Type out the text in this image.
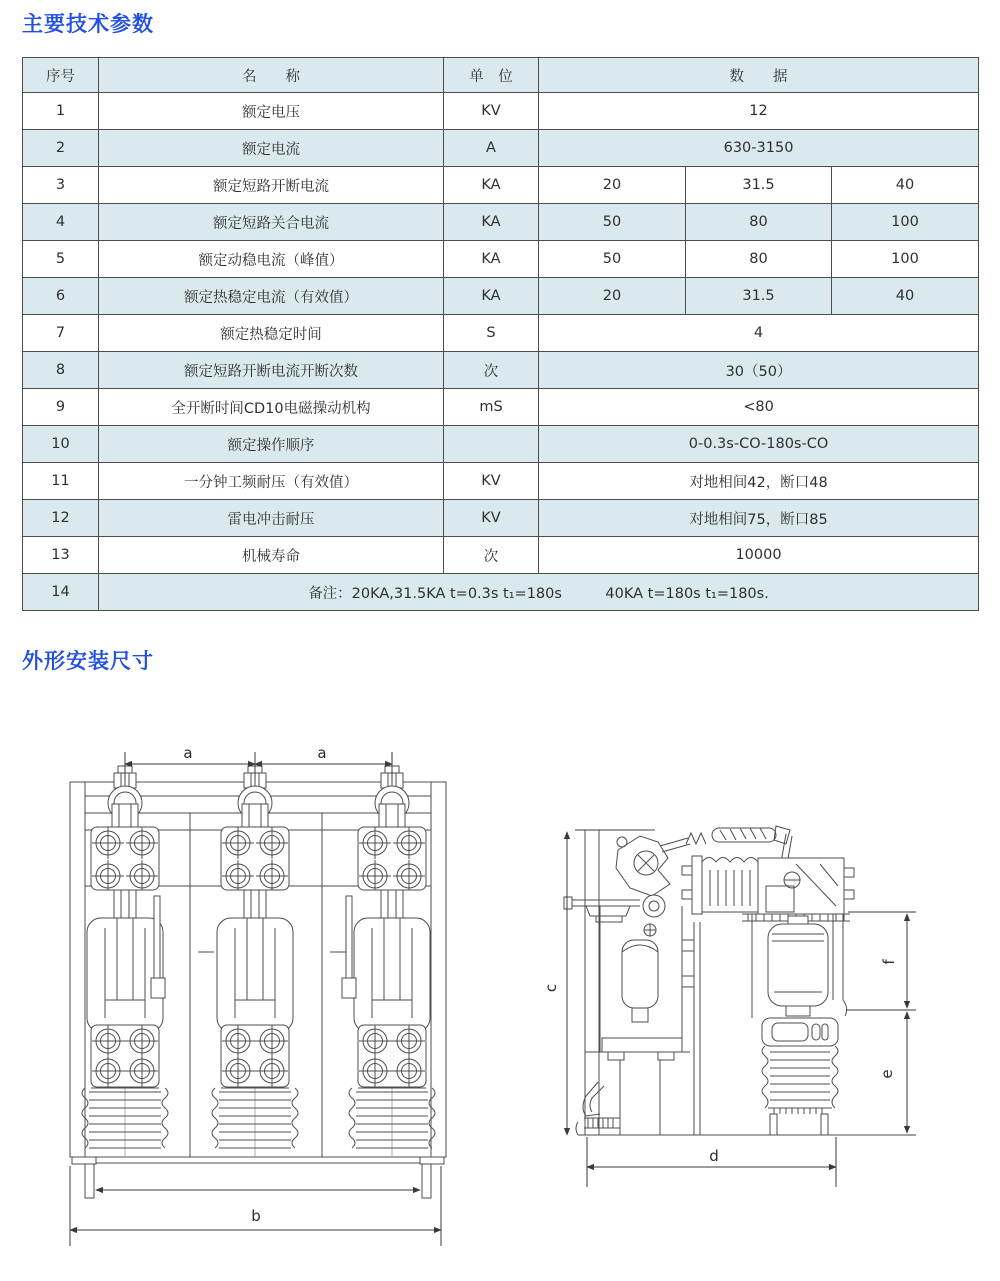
主要技术参数
序号	名　　称	单　位	数　　据		
1	额定电压	KV	12		
2	额定电流	A	630-3150		
3	额定短路开断电流	KA	20	31.5	40
4	额定短路关合电流	KA	50	80	100
5	额定动稳电流（峰值）	KA	50	80	100
6	额定热稳定电流（有效值）	KA	20	31.5	40
7	额定热稳定时间	S	4		
8	额定短路开断电流开断次数	次	30（50）		
9	全开断时间CD10电磁操动机构	mS	<80		
10	额定操作顺序		0-0.3s-CO-180s-CO		
11	一分钟工频耐压（有效值）	KV	对地相间42，断口48		
12	雷电冲击耐压	KV	对地相间75，断口85		
13	机械寿命	次	10000		
14	备注：20KA,31.5KA t=0.3s t₁=180s　　　40KA t=180s t₁=180s.				
外形安装尺寸
a	a
b
c
d
f
e
